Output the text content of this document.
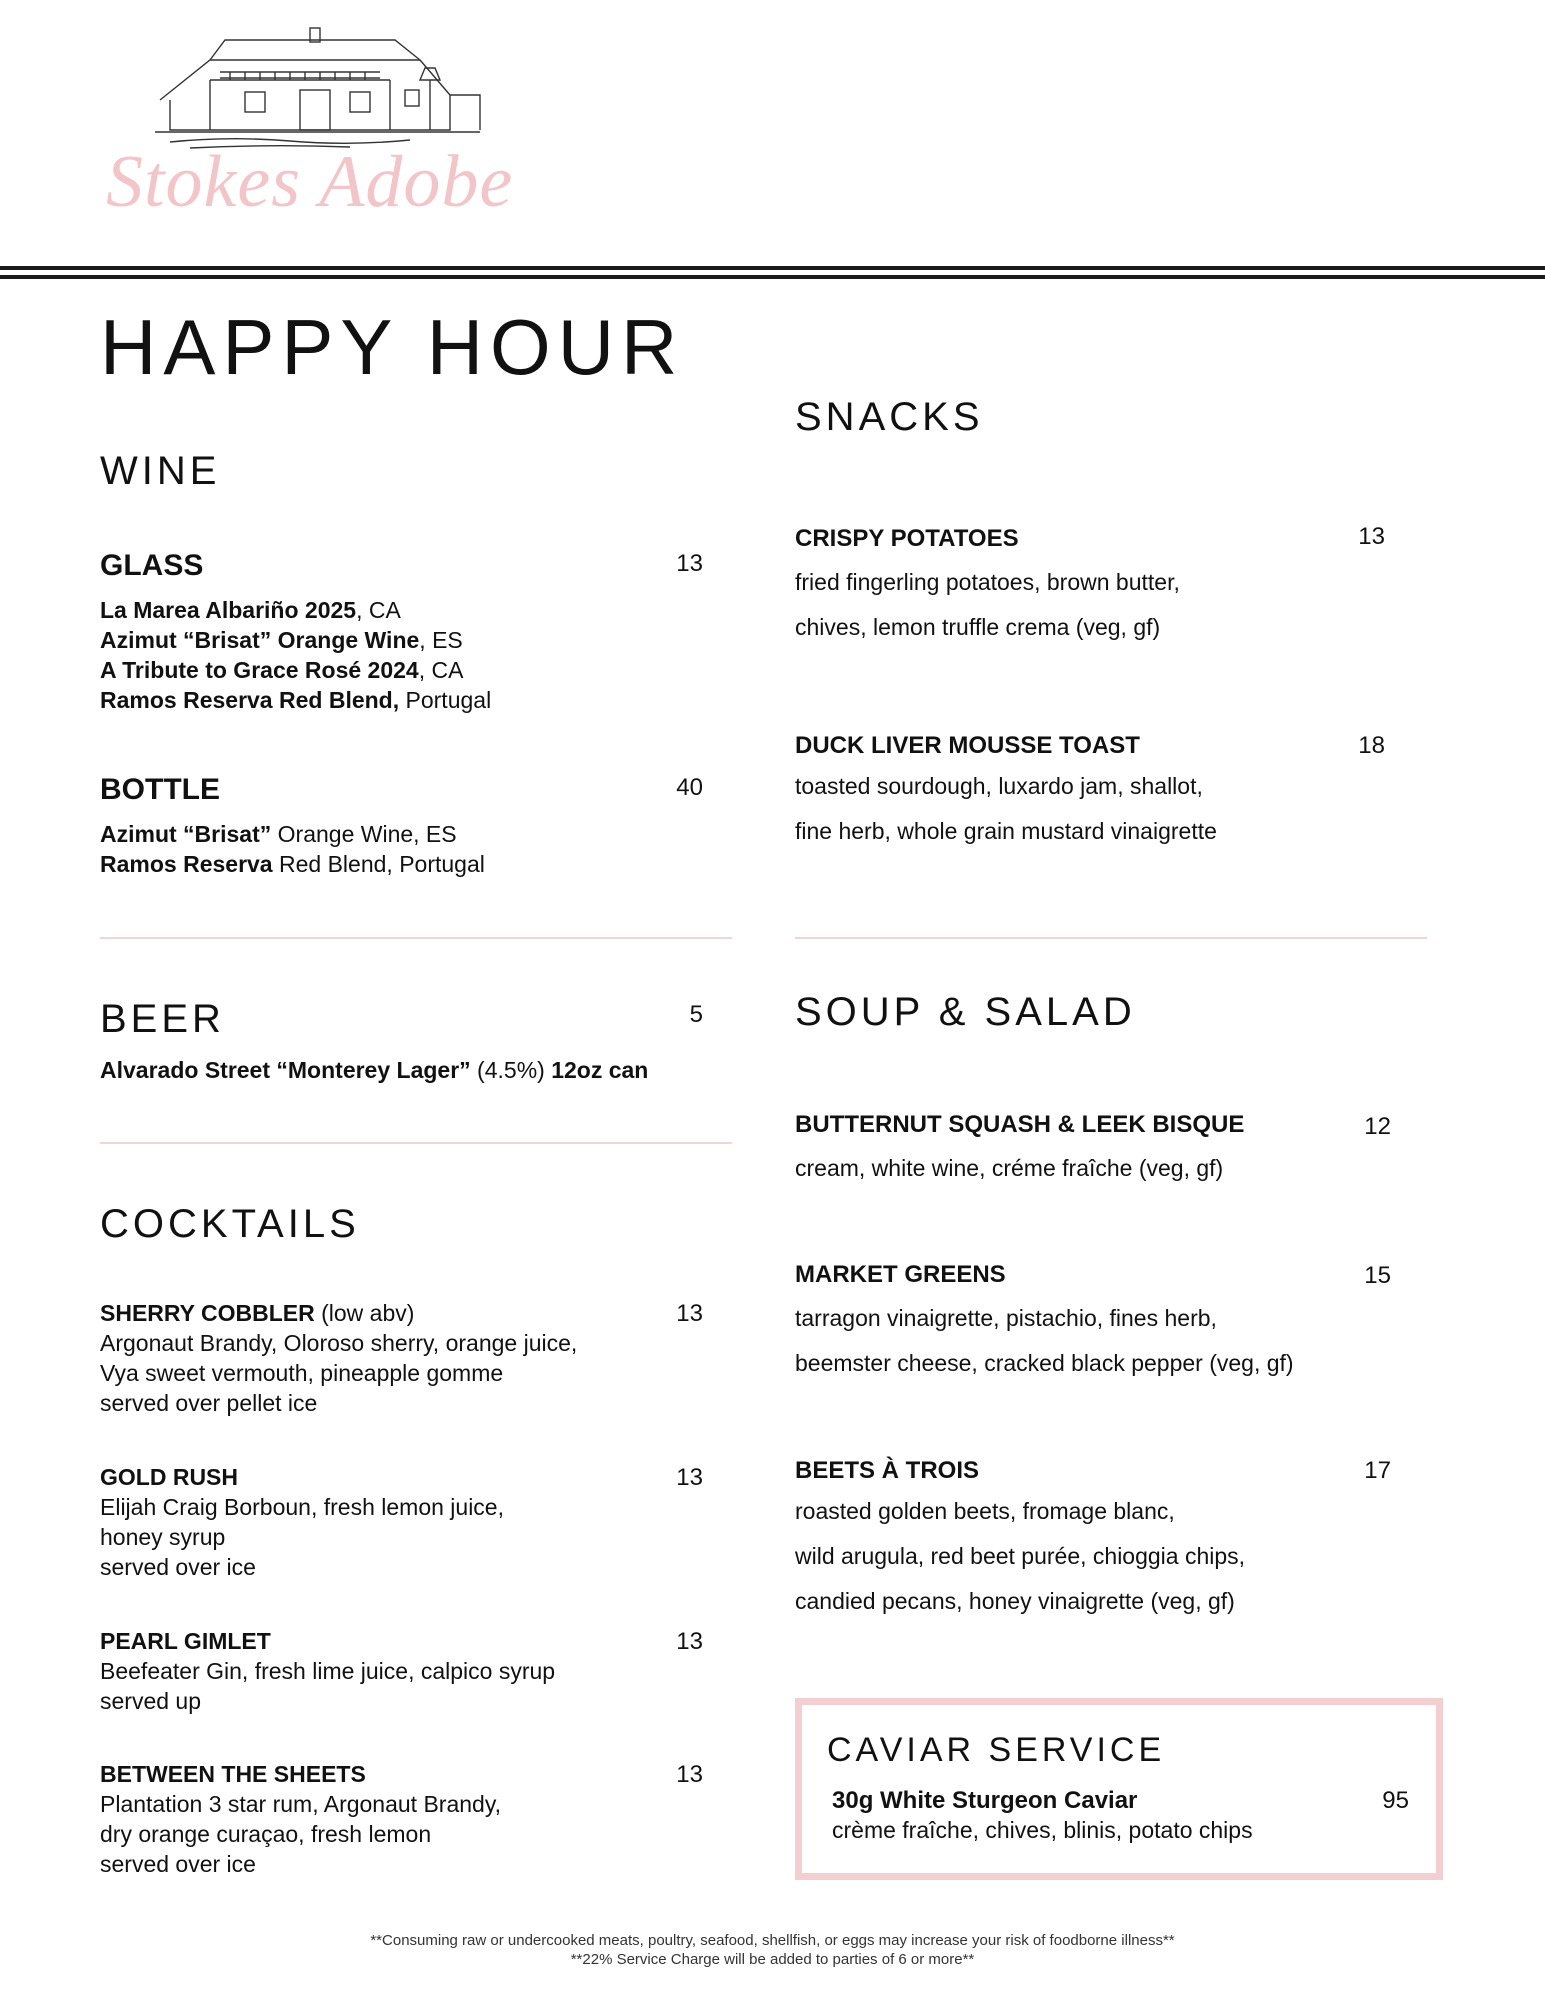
Stokes Adobe
HAPPY HOUR
WINE
GLASS	13
La Marea Albariño 2025, CA
Azimut “Brisat” Orange Wine, ES
A Tribute to Grace Rosé 2024, CA
Ramos Reserva Red Blend, Portugal
BOTTLE	40
Azimut “Brisat” Orange Wine, ES
Ramos Reserva Red Blend, Portugal
BEER	5
Alvarado Street “Monterey Lager” (4.5%) 12oz can
COCKTAILS
SHERRY COBBLER (low abv)
Argonaut Brandy, Oloroso sherry, orange juice,
Vya sweet vermouth, pineapple gomme
served over pellet ice
13
GOLD RUSH
Elijah Craig Borboun, fresh lemon juice,
honey syrup
served over ice
13
PEARL GIMLET
Beefeater Gin, fresh lime juice, calpico syrup
served up
13
BETWEEN THE SHEETS
Plantation 3 star rum, Argonaut Brandy,
dry orange curaçao, fresh lemon
served over ice
13
SNACKS
CRISPY POTATOES	13
fried fingerling potatoes, brown butter,
chives, lemon truffle crema (veg, gf)
DUCK LIVER MOUSSE TOAST	18
toasted sourdough, luxardo jam, shallot,
fine herb, whole grain mustard vinaigrette
SOUP & SALAD
BUTTERNUT SQUASH & LEEK BISQUE	12
cream, white wine, créme fraîche (veg, gf)
MARKET GREENS	15
tarragon vinaigrette, pistachio, fines herb,
beemster cheese, cracked black pepper (veg, gf)
BEETS À TROIS	17
roasted golden beets, fromage blanc,
wild arugula, red beet purée, chioggia chips,
candied pecans, honey vinaigrette (veg, gf)
CAVIAR SERVICE
30g White Sturgeon Caviar	95
crème fraîche, chives, blinis, potato chips
**Consuming raw or undercooked meats, poultry, seafood, shellfish, or eggs may increase your risk of foodborne illness**
**22% Service Charge will be added to parties of 6 or more**
